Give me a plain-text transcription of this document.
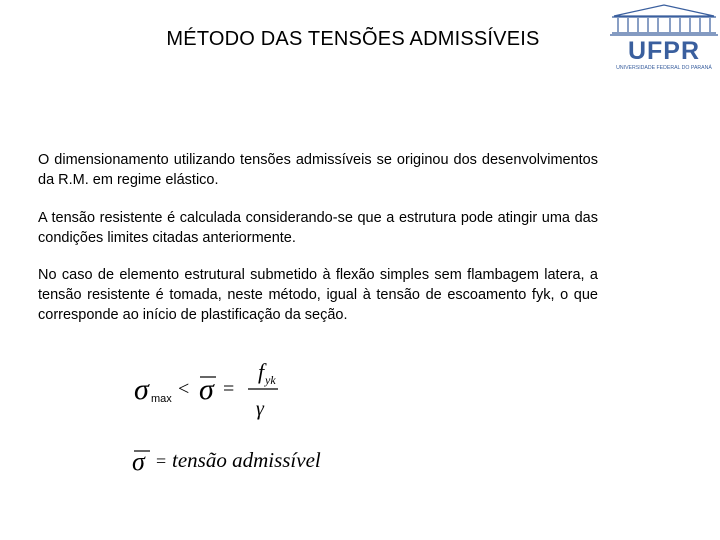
MÉTODO DAS TENSÕES ADMISSÍVEIS	UFPR
UNIVERSIDADE FEDERAL DO PARANÁ
O dimensionamento utilizando tensões admissíveis se originou dos desenvolvimentos da R.M. em regime elástico.
A tensão resistente é calculada considerando-se que a estrutura pode atingir uma das condições limites citadas anteriormente.
No caso de elemento estrutural submetido à flexão simples sem flambagem latera, a tensão resistente é tomada, neste método, igual à tensão de escoamento fyk, o que corresponde ao início de plastificação da seção.
σ max < σ =
f yk
γ
σ = tensão admissível
